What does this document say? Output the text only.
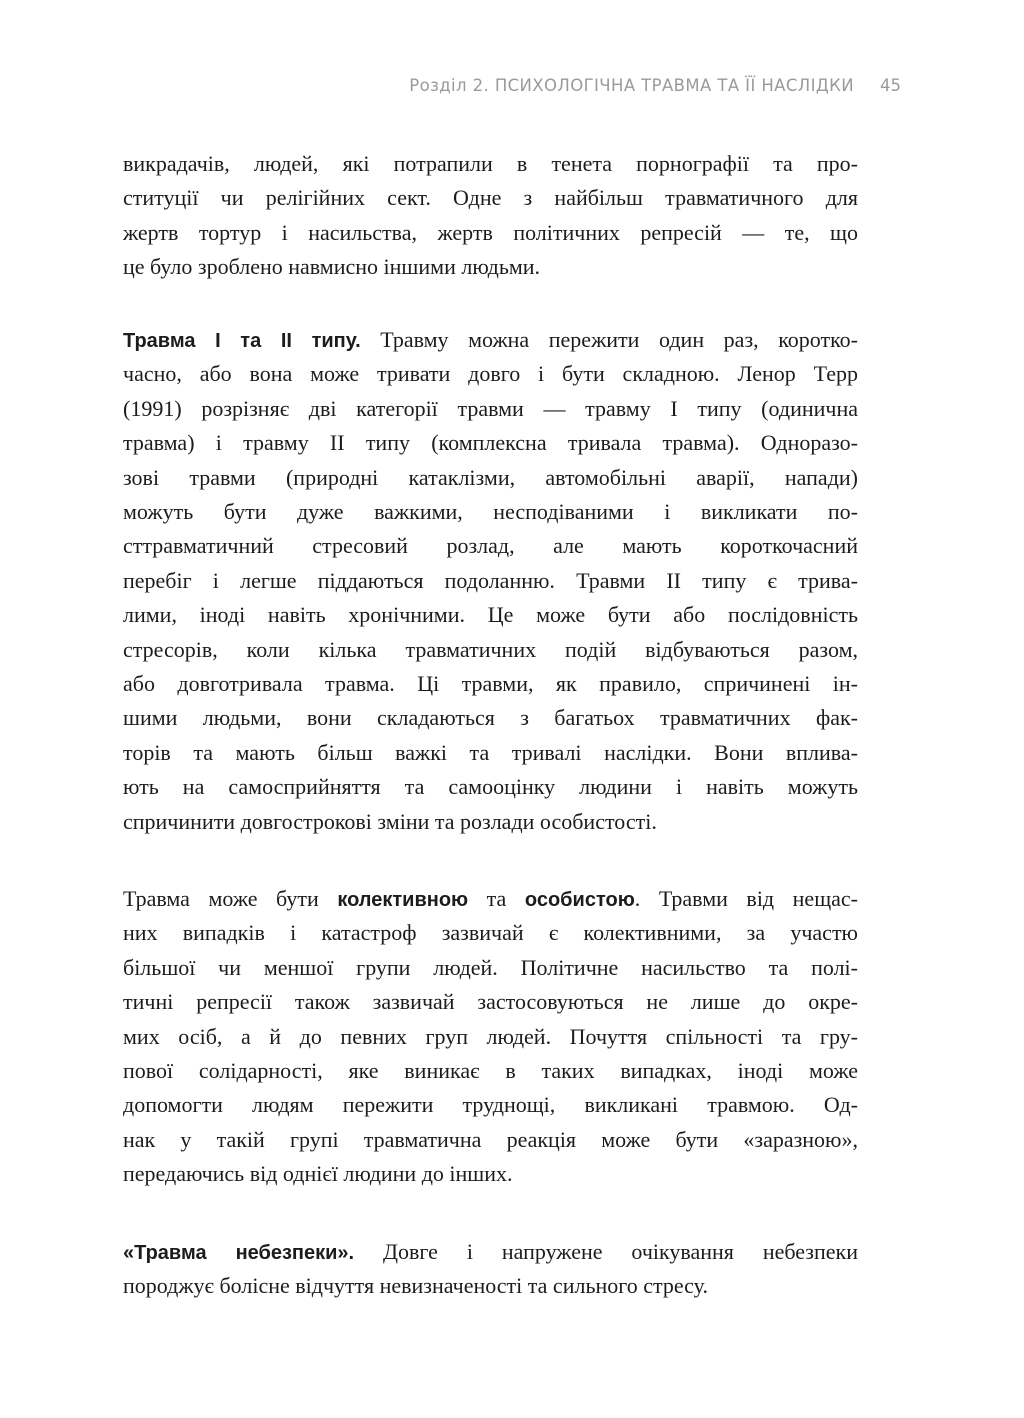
Розділ 2. ПСИХОЛОГІЧНА ТРАВМА ТА ЇЇ НАСЛІДКИ 45
викрадачів, людей, які потрапили в тенета порнографії та про-
ституції чи релігійних сект. Одне з найбільш травматичного для
жертв тортур і насильства, жертв політичних репресій — те, що
це було зроблено навмисно іншими людьми.
Травма I та II типу. Травму можна пережити один раз, коротко-
часно, або вона може тривати довго і бути складною. Ленор Терр
(1991) розрізняє дві категорії травми — травму I типу (одинична
травма) і травму II типу (комплексна тривала травма). Одноразо-
зові травми (природні катаклізми, автомобільні аварії, напади)
можуть бути дуже важкими, несподіваними і викликати по-
сттравматичний стресовий розлад, але мають короткочасний
перебіг і легше піддаються подоланню. Травми II типу є трива-
лими, іноді навіть хронічними. Це може бути або послідовність
стресорів, коли кілька травматичних подій відбуваються разом,
або довготривала травма. Ці травми, як правило, спричинені ін-
шими людьми, вони складаються з багатьох травматичних фак-
торів та мають більш важкі та тривалі наслідки. Вони вплива-
ють на самосприйняття та самооцінку людини і навіть можуть
спричинити довгострокові зміни та розлади особистості.
Травма може бути колективною та особистою. Травми від нещас-
них випадків і катастроф зазвичай є колективними, за участю
більшої чи меншої групи людей. Політичне насильство та полі-
тичні репресії також зазвичай застосовуються не лише до окре-
мих осіб, а й до певних груп людей. Почуття спільності та гру-
пової солідарності, яке виникає в таких випадках, іноді може
допомогти людям пережити труднощі, викликані травмою. Од-
нак у такій групі травматична реакція може бути «заразною»,
передаючись від однієї людини до інших.
«Травма небезпеки». Довге і напружене очікування небезпеки
породжує болісне відчуття невизначеності та сильного стресу.
